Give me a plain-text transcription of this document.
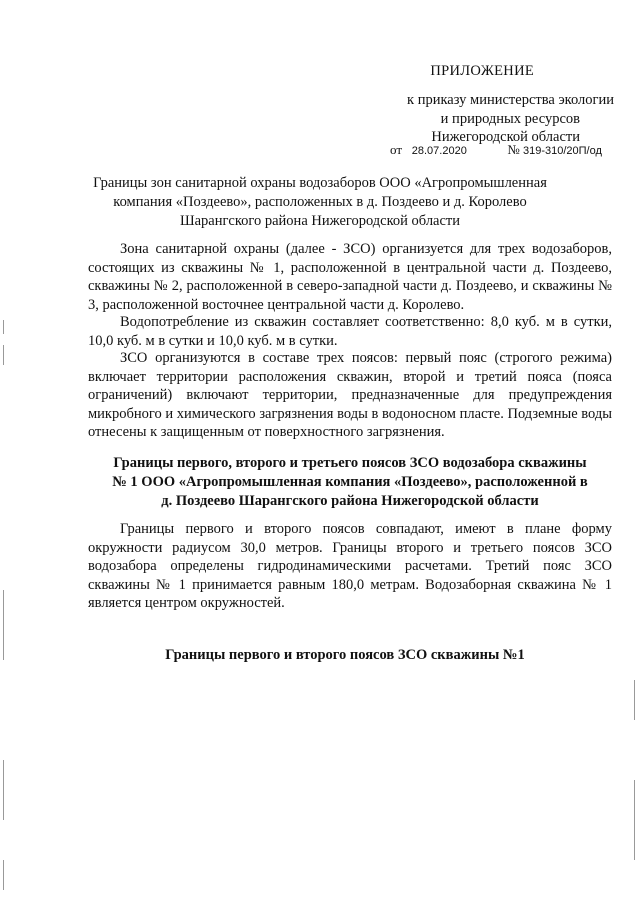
ПРИЛОЖЕНИЕ
к приказу министерства экологии
и природных ресурсов
Нижегородской области
от 28.07.2020	№ 319-310/20П/од
Границы зон санитарной охраны водозаборов ООО «Агропромышленная
компания «Поздеево», расположенных в д. Поздеево и д. Королево
Шарангского района Нижегородской области
Зона санитарной охраны (далее - ЗСО) организуется для трех водозаборов, состоящих из скважины № 1, расположенной в центральной части д. Поздеево, скважины № 2, расположенной в северо-западной части д. Поздеево, и скважины № 3, расположенной восточнее центральной части д. Королево.
Водопотребление из скважин составляет соответственно: 8,0 куб. м в сутки, 10,0 куб. м в сутки и 10,0 куб. м в сутки.
ЗСО организуются в составе трех поясов: первый пояс (строгого режима) включает территории расположения скважин, второй и третий пояса (пояса ограничений) включают территории, предназначенные для предупреждения микробного и химического загрязнения воды в водоносном пласте. Подземные воды отнесены к защищенным от поверхностного загрязнения.
Границы первого, второго и третьего поясов ЗСО водозабора скважины
№ 1 ООО «Агропромышленная компания «Поздеево», расположенной в
д. Поздеево Шарангского района Нижегородской области
Границы первого и второго поясов совпадают, имеют в плане форму окружности радиусом 30,0 метров. Границы второго и третьего поясов ЗСО водозабора определены гидродинамическими расчетами. Третий пояс ЗСО скважины № 1 принимается равным 180,0 метрам. Водозаборная скважина № 1 является центром окружностей.
Границы первого и второго поясов ЗСО скважины №1
